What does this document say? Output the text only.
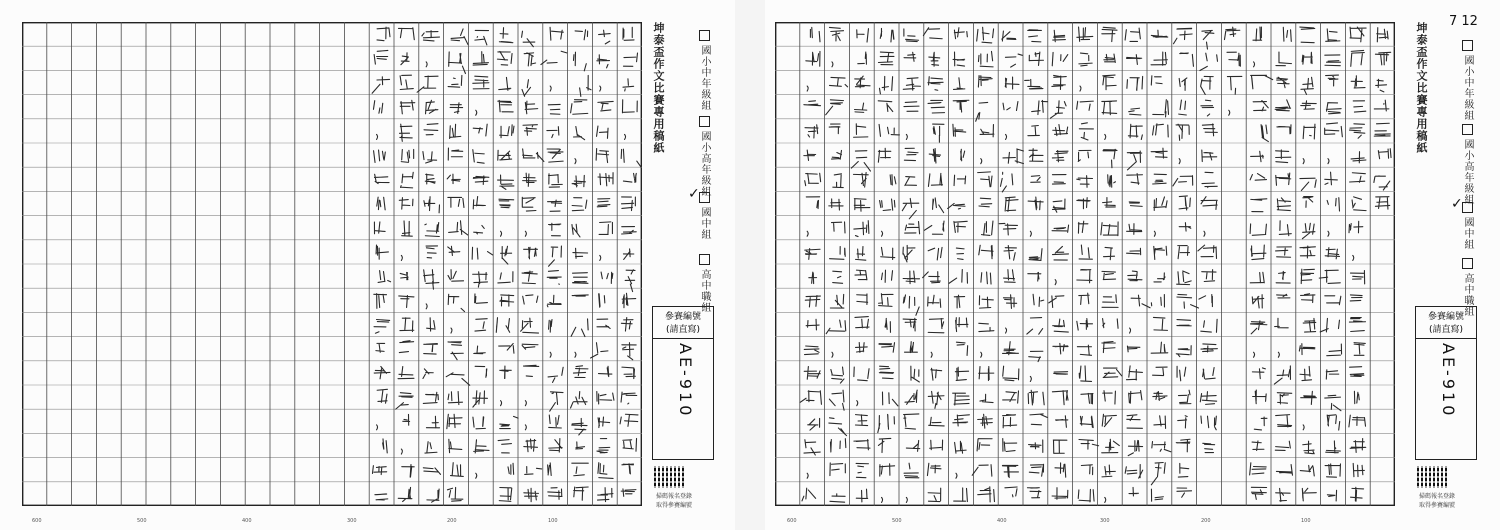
坤泰盃作文比賽專用稿紙	國小中年級組
國小高年級組
國中組
✓
高中職組
參賽編號
(請直寫)
AE-910
掃碼報名登錄
取得參賽編號
600	500	400	300	200	100
坤泰盃作文比賽專用稿紙
7 12
國小中年級組
國小高年級組
國中組
✓
高中職組
參賽編號
(請直寫)
AE-910
掃碼報名登錄
取得參賽編號
600	500	400	300	200	100
